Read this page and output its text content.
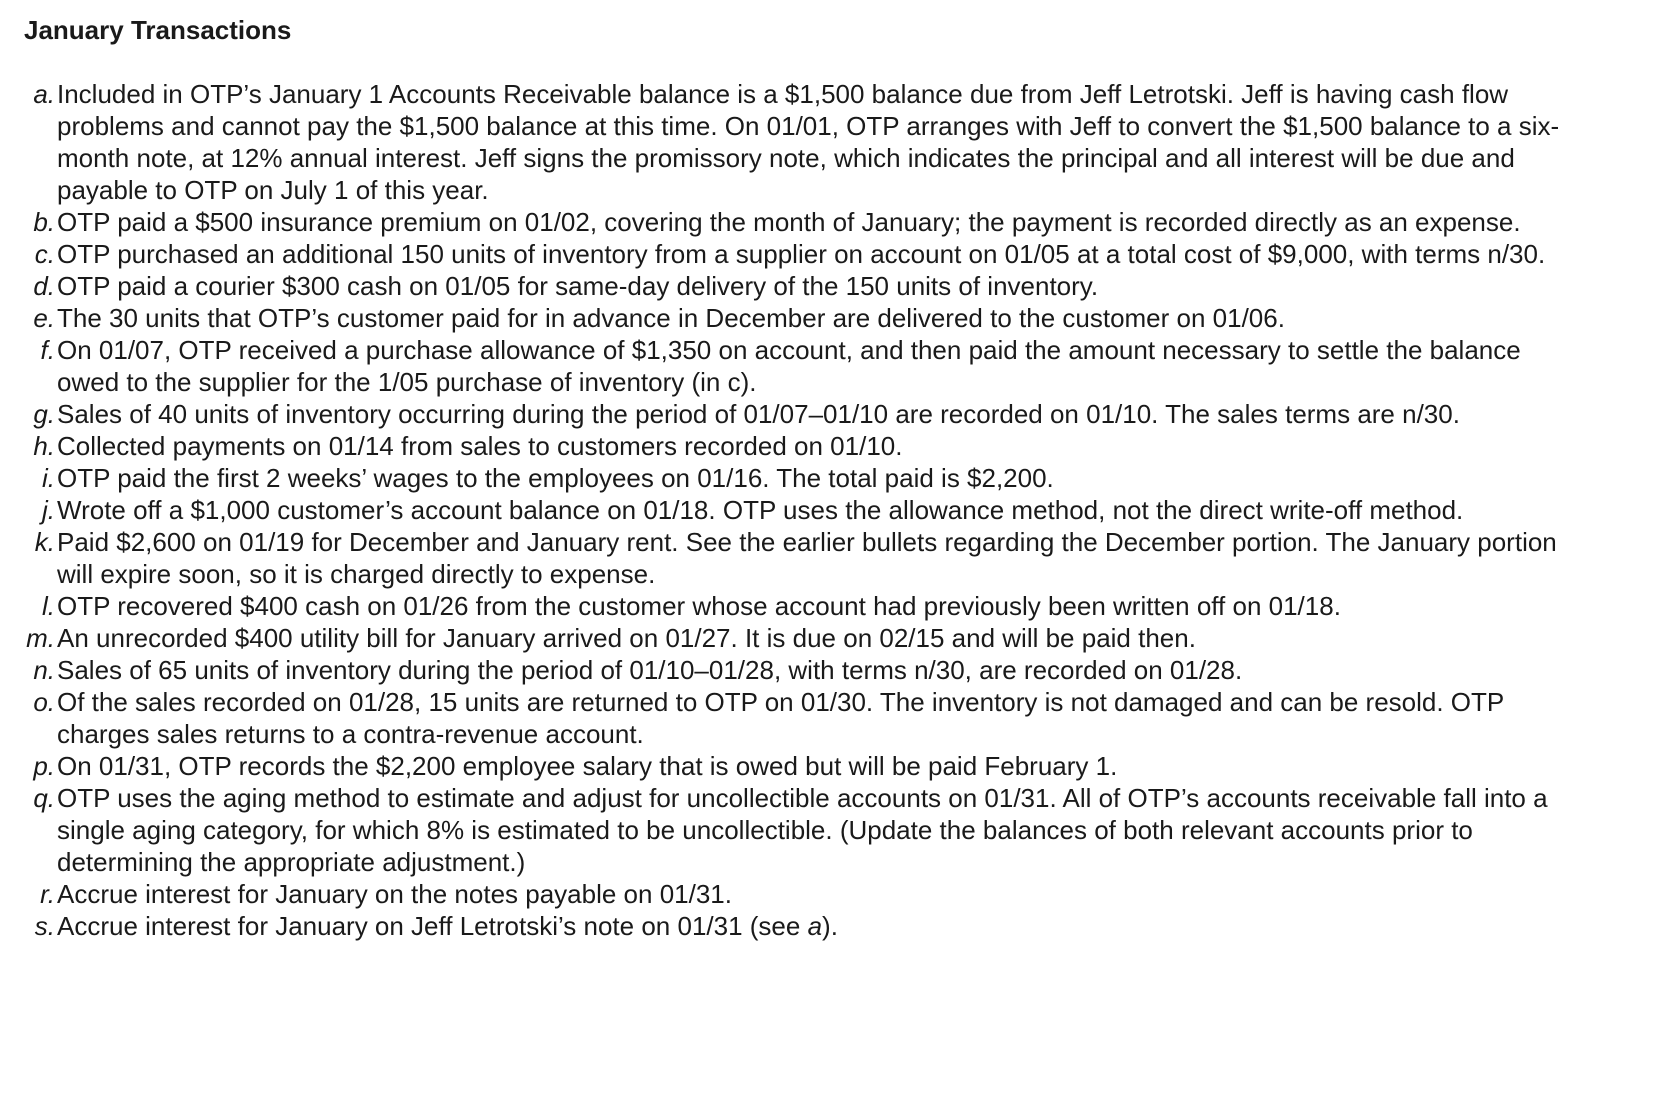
January Transactions
a. Included in OTP’s January 1 Accounts Receivable balance is a $1,500 balance due from Jeff Letrotski. Jeff is having cash flow problems and cannot pay the $1,500 balance at this time. On 01/01, OTP arranges with Jeff to convert the $1,500 balance to a six-month note, at 12% annual interest. Jeff signs the promissory note, which indicates the principal and all interest will be due and payable to OTP on July 1 of this year.
b. OTP paid a $500 insurance premium on 01/02, covering the month of January; the payment is recorded directly as an expense.
c. OTP purchased an additional 150 units of inventory from a supplier on account on 01/05 at a total cost of $9,000, with terms n/30.
d. OTP paid a courier $300 cash on 01/05 for same-day delivery of the 150 units of inventory.
e. The 30 units that OTP’s customer paid for in advance in December are delivered to the customer on 01/06.
f. On 01/07, OTP received a purchase allowance of $1,350 on account, and then paid the amount necessary to settle the balance owed to the supplier for the 1/05 purchase of inventory (in c).
g. Sales of 40 units of inventory occurring during the period of 01/07–01/10 are recorded on 01/10. The sales terms are n/30.
h. Collected payments on 01/14 from sales to customers recorded on 01/10.
i. OTP paid the first 2 weeks’ wages to the employees on 01/16. The total paid is $2,200.
j. Wrote off a $1,000 customer’s account balance on 01/18. OTP uses the allowance method, not the direct write-off method.
k. Paid $2,600 on 01/19 for December and January rent. See the earlier bullets regarding the December portion. The January portion will expire soon, so it is charged directly to expense.
l. OTP recovered $400 cash on 01/26 from the customer whose account had previously been written off on 01/18.
m. An unrecorded $400 utility bill for January arrived on 01/27. It is due on 02/15 and will be paid then.
n. Sales of 65 units of inventory during the period of 01/10–01/28, with terms n/30, are recorded on 01/28.
o. Of the sales recorded on 01/28, 15 units are returned to OTP on 01/30. The inventory is not damaged and can be resold. OTP charges sales returns to a contra-revenue account.
p. On 01/31, OTP records the $2,200 employee salary that is owed but will be paid February 1.
q. OTP uses the aging method to estimate and adjust for uncollectible accounts on 01/31. All of OTP’s accounts receivable fall into a single aging category, for which 8% is estimated to be uncollectible. (Update the balances of both relevant accounts prior to determining the appropriate adjustment.)
r. Accrue interest for January on the notes payable on 01/31.
s. Accrue interest for January on Jeff Letrotski’s note on 01/31 (see a).
